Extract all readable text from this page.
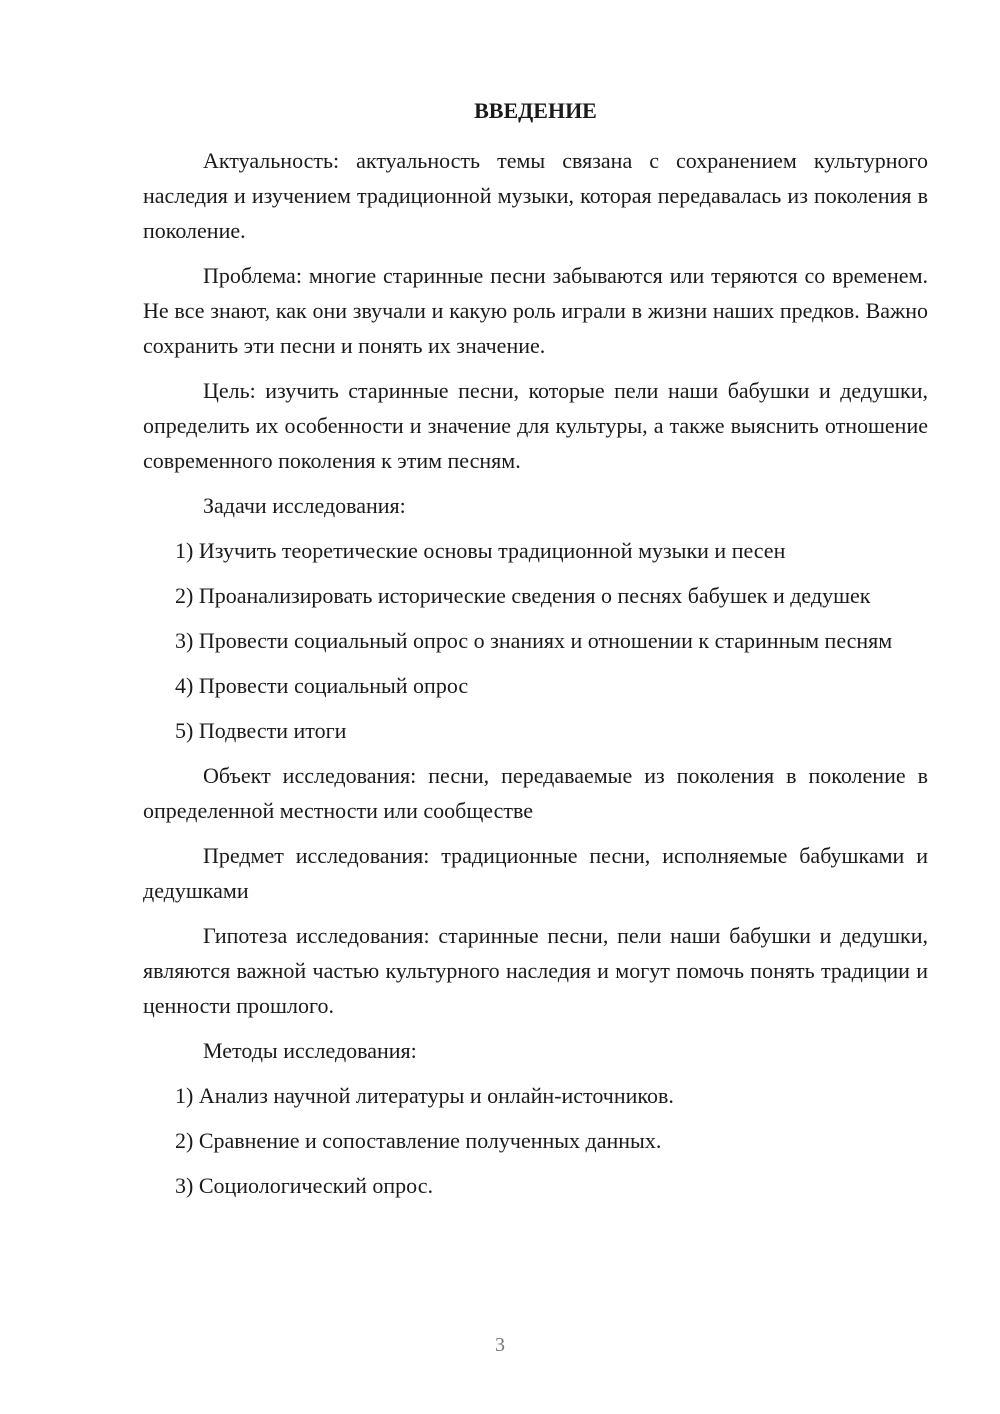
ВВЕДЕНИЕ

Актуальность: актуальность темы связана с сохранением культурного наследия и изучением традиционной музыки, которая передавалась из поколения в поколение.

Проблема: многие старинные песни забываются или теряются со временем. Не все знают, как они звучали и какую роль играли в жизни наших предков. Важно сохранить эти песни и понять их значение.

Цель: изучить старинные песни, которые пели наши бабушки и дедушки, определить их особенности и значение для культуры, а также выяснить отношение современного поколения к этим песням.

Задачи исследования:

1) Изучить теоретические основы традиционной музыки и песен

2) Проанализировать исторические сведения о песнях бабушек и дедушек

3) Провести социальный опрос о знаниях и отношении к старинным песням

4) Провести социальный опрос

5) Подвести итоги

Объект исследования: песни, передаваемые из поколения в поколение в определенной местности или сообществе

Предмет исследования: традиционные песни, исполняемые бабушками и дедушками

Гипотеза исследования: старинные песни, пели наши бабушки и дедушки, являются важной частью культурного наследия и могут помочь понять традиции и ценности прошлого.

Методы исследования:

1) Анализ научной литературы и онлайн-источников.

2) Сравнение и сопоставление полученных данных.

3) Социологический опрос.

3
